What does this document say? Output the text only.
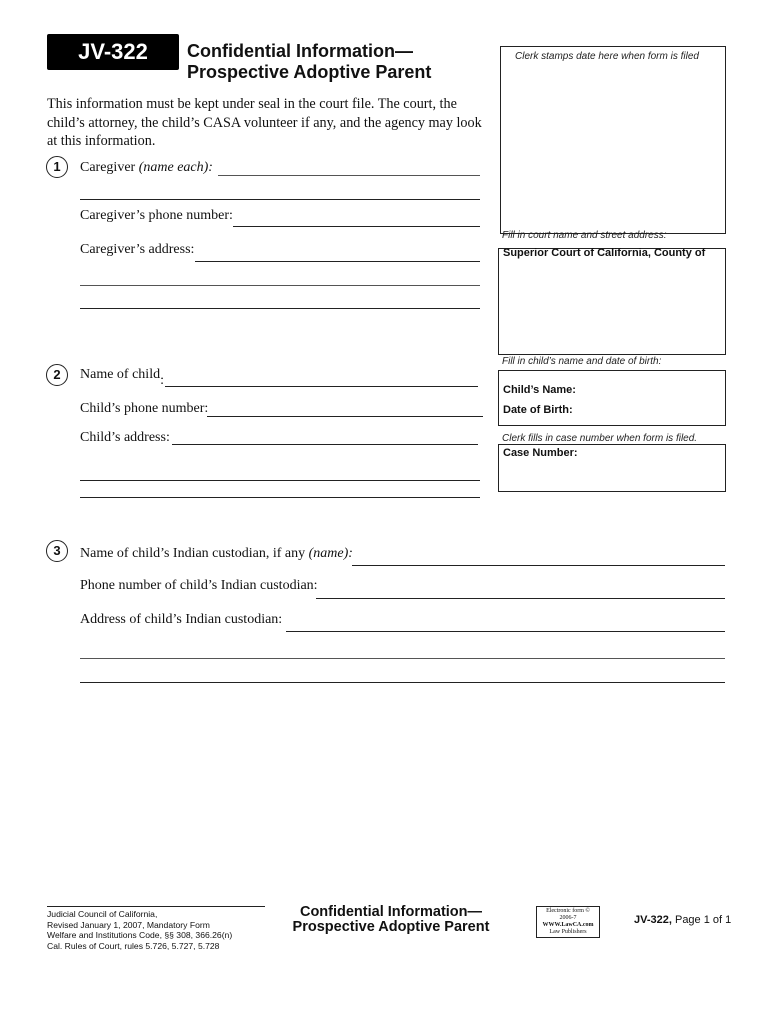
JV-322	Confidential Information—
Prospective Adoptive Parent
This information must be kept under seal in the court file. The court, the child’s attorney, the child’s CASA volunteer if any, and the agency may look at this information.
Clerk stamps date here when form is filed
Fill in court name and street address:
Superior Court of California, County of
Fill in child’s name and date of birth:
Child’s Name:
Date of Birth:
Clerk fills in case number when form is filed.
Case Number:
1	Caregiver (name each):
Caregiver’s phone number:
Caregiver’s address:
2	Name of child:
Child’s phone number:
Child’s address:
3	Name of child’s Indian custodian, if any (name):
Phone number of child’s Indian custodian:
Address of child’s Indian custodian:
Judicial Council of California,
Revised January 1, 2007, Mandatory Form
Welfare and Institutions Code, §§ 308, 366.26(n)
Cal. Rules of Court, rules 5.726, 5.727, 5.728
Confidential Information—
Prospective Adoptive Parent
Electronic form © 2006-7
WWW.LawCA.com
Law Publishers
JV-322, Page 1 of 1
